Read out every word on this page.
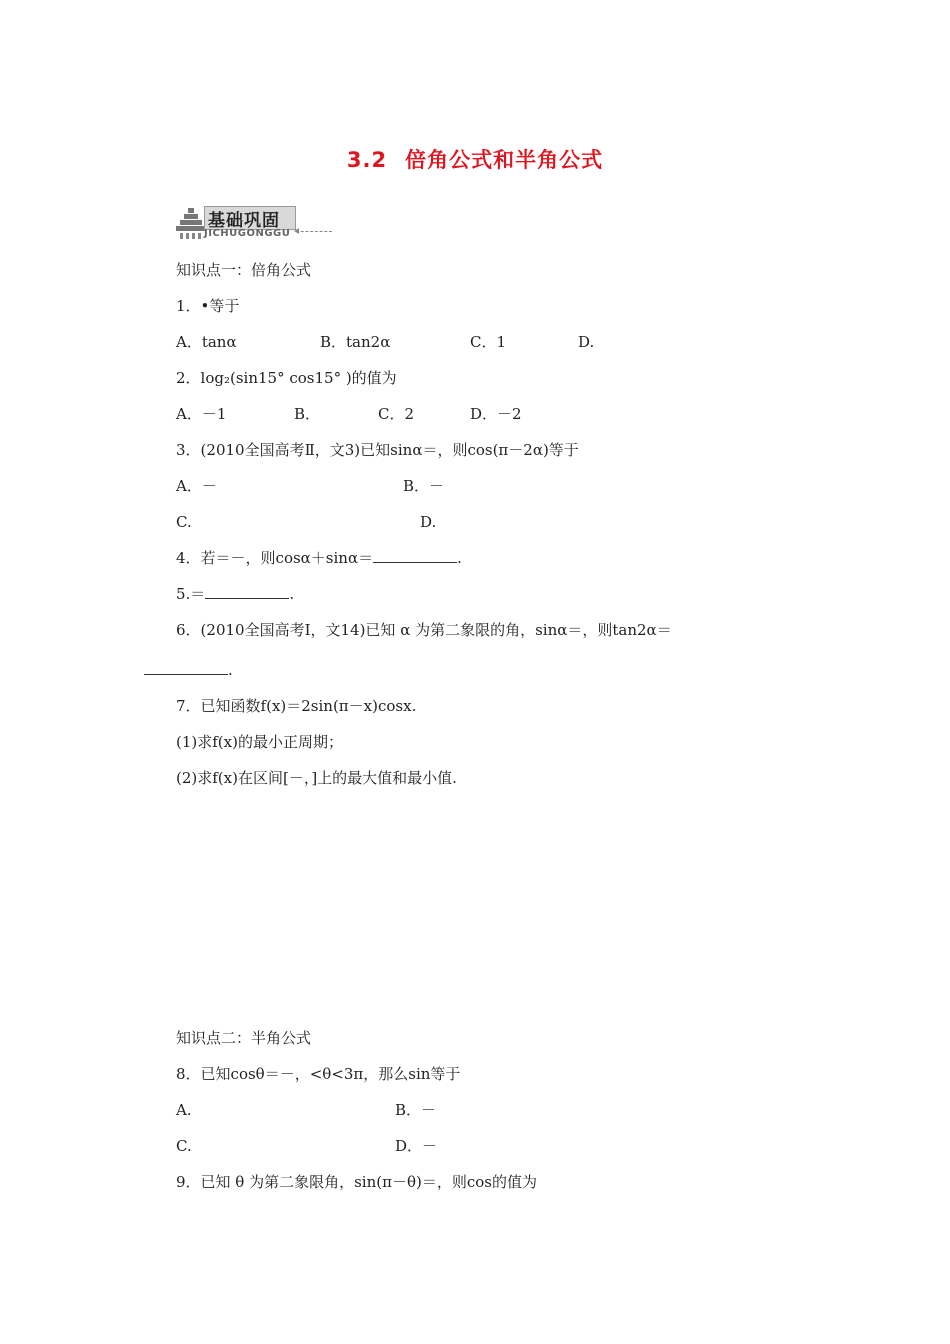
3.2 倍角公式和半角公式
基础巩固
JICHUGONGGU
知识点一：倍角公式
1．•等于
A．tanα	B．tan2α	C．1	D.
2．log₂(sin15° cos15° )的值为
A．－1	B．	C．2	D．－2
3．(2010全国高考Ⅱ，文3)已知sinα＝，则cos(π－2α)等于
A．－	B．－
C.	D.
4．若＝－，则cosα＋sinα＝	.
5.＝	.
6．(2010全国高考Ⅰ，文14)已知 α 为第二象限的角，sinα＝，则tan2α＝
.
7．已知函数f(x)＝2sin(π－x)cosx.
(1)求f(x)的最小正周期；
(2)求f(x)在区间[－，]上的最大值和最小值.
知识点二：半角公式
8．已知cosθ＝－，<θ<3π，那么sin等于
A.	B．－
C.	D．－
9．已知 θ 为第二象限角，sin(π－θ)＝，则cos的值为
